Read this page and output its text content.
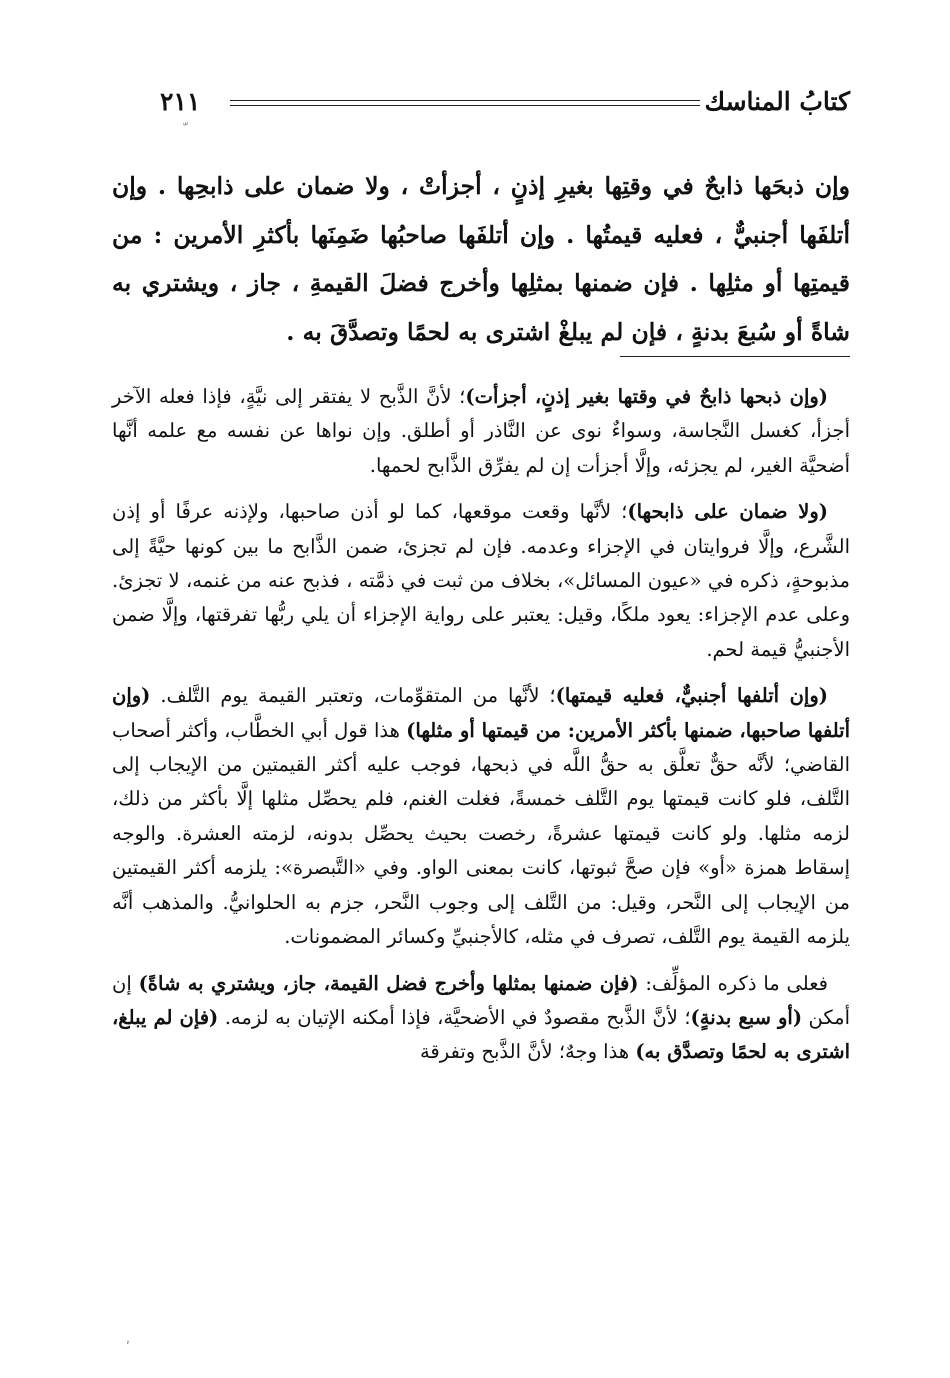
كتابُ المناسك
٢١١

وإن ذبحَها ذابحٌ في وقتِها بغيرِ إذنٍ ، أجزأتْ ، ولا ضمان على ذابحِها . وإن أتلفَها أجنبيٌّ ، فعليه قيمتُها . وإن أتلفَها صاحبُها ضَمِنَها بأكثرِ الأمرين : من قيمتِها أو مثلِها . فإن ضمنها بمثلِها وأخرج فضلَ القيمةِ ، جاز ، ويشتري به شاةً أو سُبعَ بدنةٍ ، فإن لم يبلغْ اشترى به لحمًا وتصدَّقَ به .

(وإن ذبحها ذابحٌ في وقتها بغير إذنٍ، أجزأت)؛ لأنَّ الذَّبح لا يفتقر إلى نيَّةٍ، فإذا فعله الآخر أجزأ، كغسل النَّجاسة، وسواءٌ نوى عن النَّاذر أو أطلق. وإن نواها عن نفسه مع علمه أنَّها أضحيَّة الغير، لم يجزئه، وإلَّا أجزأت إن لم يفرِّق الذَّابح لحمها.

(ولا ضمان على ذابحها)؛ لأنَّها وقعت موقعها، كما لو أذن صاحبها، ولإذنه عرفًا أو إذن الشَّرع، وإلَّا فروايتان في الإجزاء وعدمه. فإن لم تجزئ، ضمن الذَّابح ما بين كونها حيَّةً إلى مذبوحةٍ، ذكره في «عيون المسائل»، بخلاف من ثبت في ذمَّته ، فذبح عنه من غنمه، لا تجزئ. وعلى عدم الإجزاء: يعود ملكًا، وقيل: يعتبر على رواية الإجزاء أن يلي ربُّها تفرقتها، وإلَّا ضمن الأجنبيُّ قيمة لحم.

(وإن أتلفها أجنبيٌّ، فعليه قيمتها)؛ لأنَّها من المتقوِّمات، وتعتبر القيمة يوم التَّلف. (وإن أتلفها صاحبها، ضمنها بأكثر الأمرين: من قيمتها أو مثلها) هذا قول أبي الخطَّاب، وأكثر أصحاب القاضي؛ لأنَّه حقٌّ تعلَّق به حقُّ اللَّه في ذبحها، فوجب عليه أكثر القيمتين من الإيجاب إلى التَّلف، فلو كانت قيمتها يوم التَّلف خمسةً، فغلت الغنم، فلم يحصِّل مثلها إلَّا بأكثر من ذلك، لزمه مثلها. ولو كانت قيمتها عشرةً، رخصت بحيث يحصِّل بدونه، لزمته العشرة. والوجه إسقاط همزة «أو» فإن صحَّ ثبوتها، كانت بمعنى الواو. وفي «التَّبصرة»: يلزمه أكثر القيمتين من الإيجاب إلى النَّحر، وقيل: من التَّلف إلى وجوب النَّحر، جزم به الحلوانيُّ. والمذهب أنَّه يلزمه القيمة يوم التَّلف، تصرف في مثله، كالأجنبيِّ وكسائر المضمونات.

فعلى ما ذكره المؤلِّف: (فإن ضمنها بمثلها وأخرج فضل القيمة، جاز، ويشتري به شاةً) إن أمكن (أو سبع بدنةٍ)؛ لأنَّ الذَّبح مقصودٌ في الأضحيَّة، فإذا أمكنه الإتيان به لزمه. (فإن لم يبلغ، اشترى به لحمًا وتصدَّق به) هذا وجهٌ؛ لأنَّ الذَّبح وتفرقة

ʹ
